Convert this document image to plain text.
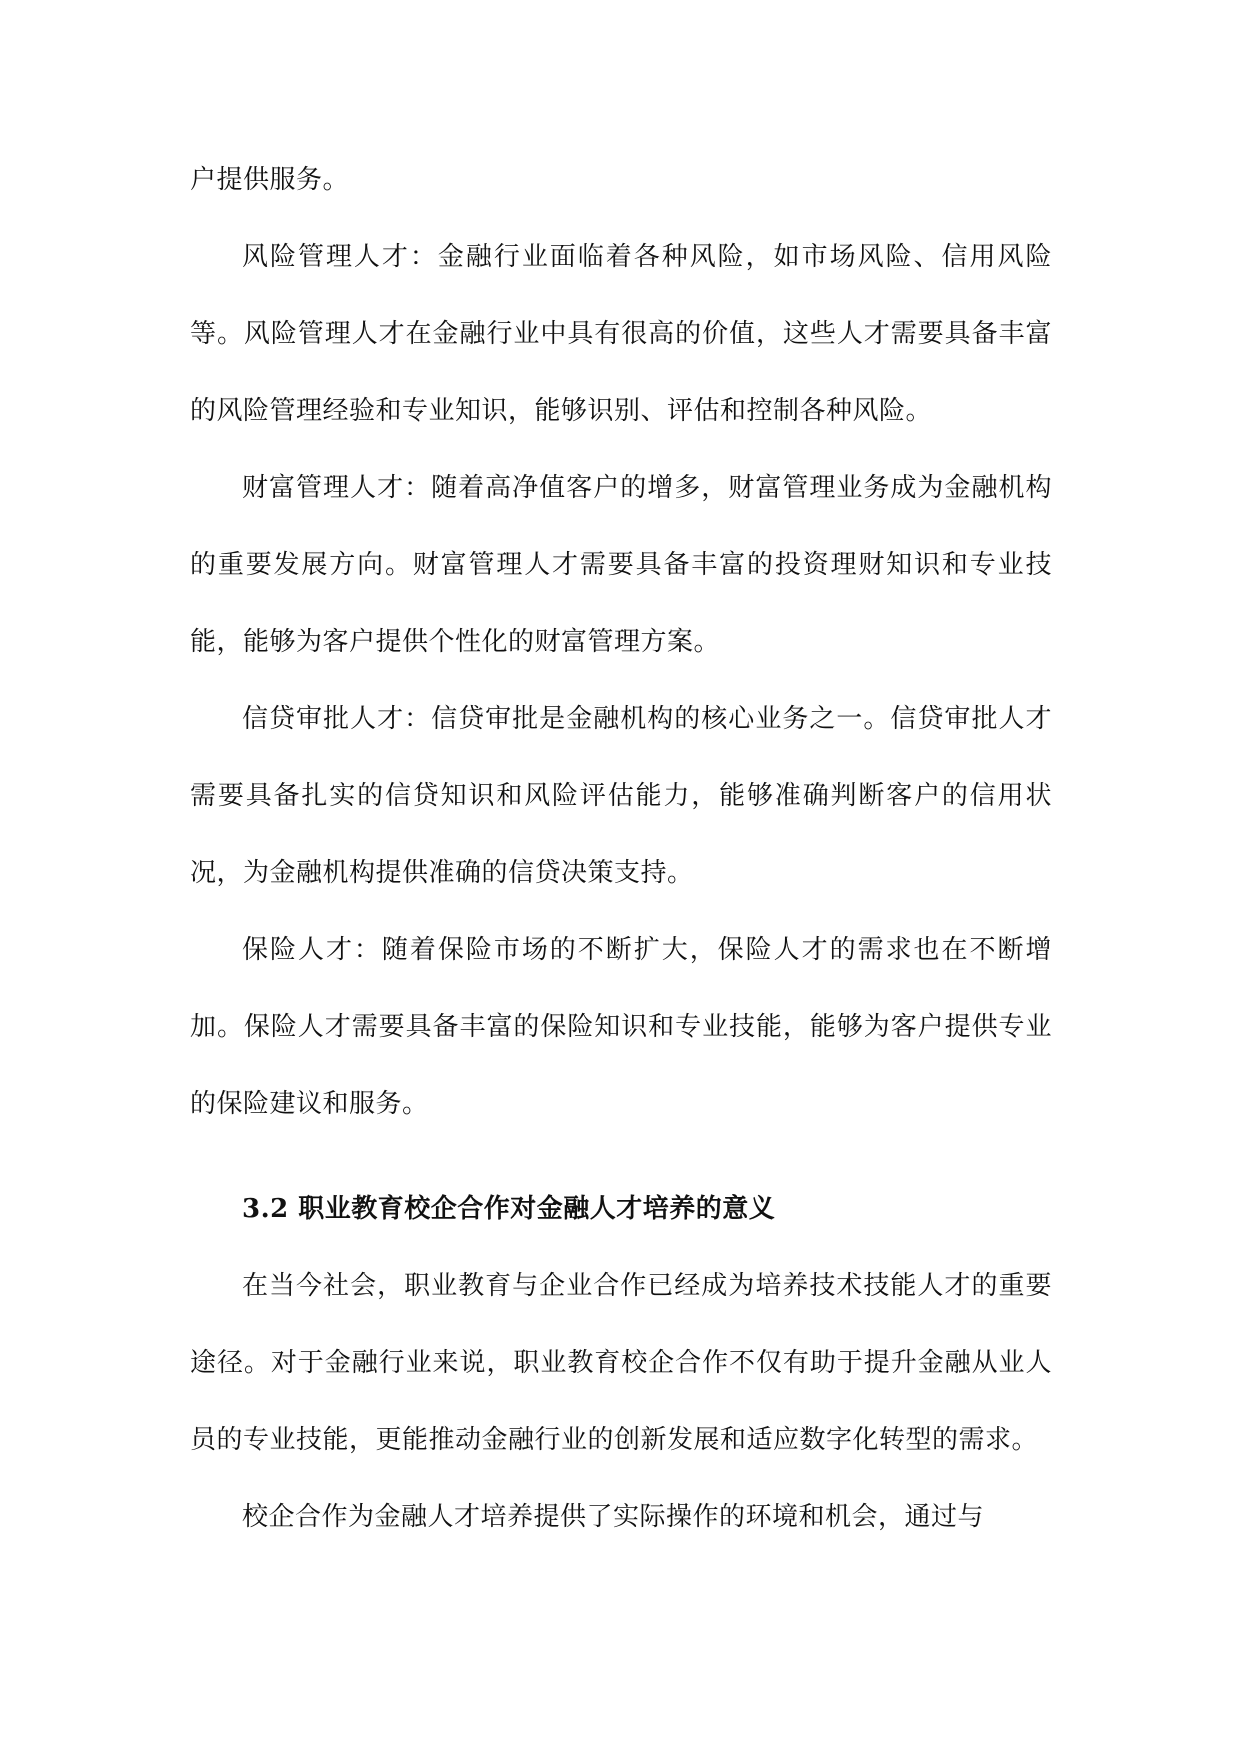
户提供服务。

风险管理人才：金融行业面临着各种风险，如市场风险、信用风险等。风险管理人才在金融行业中具有很高的价值，这些人才需要具备丰富的风险管理经验和专业知识，能够识别、评估和控制各种风险。

财富管理人才：随着高净值客户的增多，财富管理业务成为金融机构的重要发展方向。财富管理人才需要具备丰富的投资理财知识和专业技能，能够为客户提供个性化的财富管理方案。

信贷审批人才：信贷审批是金融机构的核心业务之一。信贷审批人才需要具备扎实的信贷知识和风险评估能力，能够准确判断客户的信用状况，为金融机构提供准确的信贷决策支持。

保险人才：随着保险市场的不断扩大，保险人才的需求也在不断增加。保险人才需要具备丰富的保险知识和专业技能，能够为客户提供专业的保险建议和服务。

3.2 职业教育校企合作对金融人才培养的意义

在当今社会，职业教育与企业合作已经成为培养技术技能人才的重要途径。对于金融行业来说，职业教育校企合作不仅有助于提升金融从业人员的专业技能，更能推动金融行业的创新发展和适应数字化转型的需求。

校企合作为金融人才培养提供了实际操作的环境和机会，通过与
